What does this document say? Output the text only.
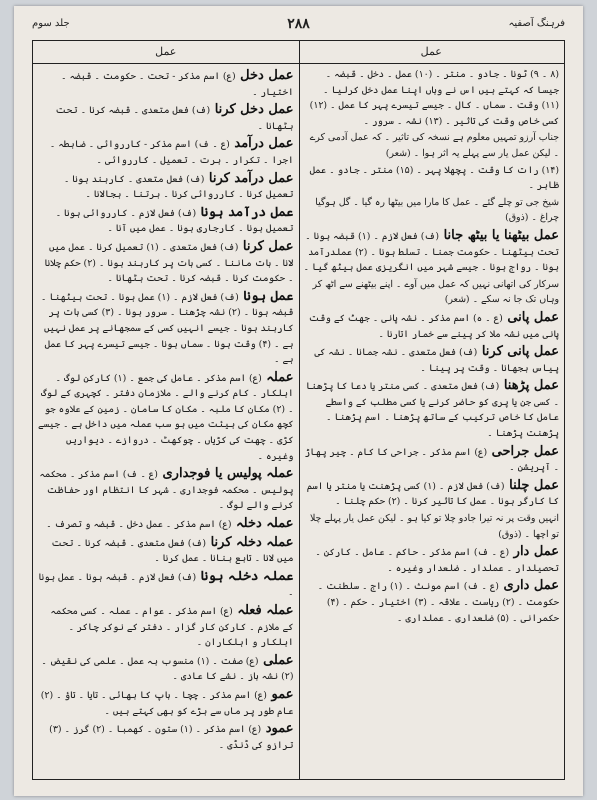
جلد سوم	۲۸۸	فرہنگ آصفیہ
عمل	عمل
(۸ ۔ ۹) ٹونا ۔ جادو ۔ منتر ۔ (۱۰) عمل ۔ دخل ۔ قبضہ ۔ جیسا کہ کہتے ہیں اس نے وہاں اپنا عمل دخل کرلیا ۔ (۱۱) وقت ۔ سماں ۔ کال ۔ جیسے تیسرے پہر کا عمل ۔ (۱۲) کسی خاص وقت کی تاثیر ۔ (۱۳) نشہ ۔ سرور ۔
جناب آرزو تمہیں معلوم ہے نسخہ کی تاثیر ۔ کہ عمل آدمی کرے ۔ لیکن عمل یار سے پہلے یہ اثر ہوا ۔ (شعر)
(۱۴) رات کا وقت ۔ پچھلا پہر ۔ (۱۵) منتر ۔ جادو ۔ عمل ظاہر ۔
شیخ جی تو چلے گئے ۔ عمل کا مارا میں بیٹھا رہ گیا ۔ گل ہوگیا چراغ ۔ (ذوق)
عمل بیٹھنا یا بیٹھ جانا(ف) فعل لازم ۔ (۱) قبضہ ہونا ۔ تحت بیٹھنا ۔ حکومت جمنا ۔ تسلط ہونا ۔ (۲) عملدرآمد ہونا ۔ رواج ہونا ۔ جیسے شہر میں انگریزی عمل بیٹھ گیا ۔
سرکار کی اتھانی نہیں کہ عمل میں آوے ۔ اپنے بیٹھنے سے اٹھ کر وہاں تک جا نہ سکے ۔ (شعر)
عمل پانی(ع ۔ ہ) اسم مذکر ۔ نشہ پانی ۔ جھٹ کے وقت پانی میں نشہ ملا کر پینے سے خمار اتارنا ۔
عمل پانی کرنا(ف) فعل متعدی ۔ نشہ جمانا ۔ نشہ کی پیاس بجھانا ۔ وقت پر پینا ۔
عمل پڑھنا(ف) فعل متعدی ۔ کسی منتر یا دعا کا پڑھنا ۔ کسی جن یا پری کو حاضر کرنے یا کسی مطلب کے واسطے عامل کا خاص ترکیب کے ساتھ پڑھنا ۔ اسم پڑھنا ۔ پڑھنت پڑھنا ۔
عمل جراحی(ع) اسم مذکر ۔ جراحی کا کام ۔ چیر پھاڑ ۔ آپریشن ۔
عمل چلنا(ف) فعل لازم ۔ (۱) کسی پڑھنت یا منتر یا اسم کا کارگر ہونا ۔ عمل کا تاثیر کرنا ۔ (۲) حکم چلنا ۔
انہیں وقت پر نہ تیرا جادو چلا تو کیا ہو ۔ لیکن عمل یار پہلے چلا تو اچھا ۔ (ذوق)
عمل دار(ع ۔ ف) اسم مذکر ۔ حاکم ۔ عامل ۔ کارکن ۔ تحصیلدار ۔ عملدار ۔ ضلعدار وغیرہ ۔
عمل داری(ع ۔ ف) اسم مونث ۔ (۱) راج ۔ سلطنت ۔ حکومت ۔ (۲) ریاست ۔ علاقہ ۔ (۳) اختیار ۔ حکم ۔ (۴) حکمرانی ۔ (۵) ضلعداری ۔ عملداری ۔
عمل دخل(ع) اسم مذکر - تحت ۔ حکومت ۔ قبضہ ۔ اختیار ۔
عمل دخل کرنا(ف) فعل متعدی ۔ قبضہ کرنا ۔ تحت بٹھانا ۔
عمل درآمد(ع ۔ ف) اسم مذکر - کارروائی ۔ ضابطہ ۔ اجرا ۔ تکرار ۔ برت ۔ تعمیل ۔ کارروائی ۔
عمل درآمد کرنا(ف) فعل متعدی ۔ کاربند ہونا ۔ تعمیل کرنا ۔ کارروائی کرنا ۔ برتنا ۔ بجالانا ۔
عمل درآمد ہونا(ف) فعل لازم ۔ کارروائی ہونا ۔ تعمیل ہونا ۔ کارجاری ہونا ۔ عمل میں آنا ۔
عمل کرنا(ف) فعل متعدی ۔ (۱) تعمیل کرنا ۔ عمل میں لانا ۔ بات ماننا ۔ کسی بات پر کاربند ہونا ۔ (۲) حکم چلانا ۔ حکومت کرنا ۔ قبضہ کرنا ۔ تحت بٹھانا ۔
عمل ہونا(ف) فعل لازم ۔ (۱) عمل ہونا ۔ تحت بیٹھنا ۔ قبضہ ہونا ۔ (۲) نشہ چڑھنا ۔ سرور ہونا ۔ (۳) کسی بات پر کاربند ہونا ۔ جیسے انہیں کسی کے سمجھانے پر عمل نہیں ہے ۔ (۴) وقت ہونا ۔ سماں ہونا ۔ جیسے تیسرے پہر کا عمل ہے ۔
عملہ(ع) اسم مذکر ۔ عامل کی جمع ۔ (۱) کارکن لوگ ۔ اہلکار ۔ کام کرنے والے ۔ ملازمان دفتر ۔ کچہری کے لوگ ۔ (۲) مکان کا ملبہ ۔ مکان کا سامان ۔ زمین کے علاوہ جو کچھ مکان کی ہیئت میں ہو سب عملہ میں داخل ہے ۔ جیسے کڑی ۔ چھت کی کڑیاں ۔ چوکھٹ ۔ دروازے ۔ دیواریں وغیرہ ۔
عملہ پولیس یا فوجداری(ع ۔ ف) اسم مذکر ۔ محکمہ پولیس ۔ محکمہ فوجداری ۔ شہر کا انتظام اور حفاظت کرنے والے لوگ ۔
عملہ دخلہ(ع) اسم مذکر ۔ عمل دخل ۔ قبضہ و تصرف ۔
عملہ دخلہ کرنا(ف) فعل متعدی ۔ قبضہ کرنا ۔ تحت میں لانا ۔ تابع بنانا ۔ عمل کرنا ۔
عملہ دخلہ ہونا(ف) فعل لازم ۔ قبضہ ہونا ۔ عمل ہونا ۔
عملہ فعلہ(ع) اسم مذکر ۔ عوام ۔ عملہ ۔ کسی محکمہ کے ملازم ۔ کارکن کار گزار ۔ دفتر کے نوکر چاکر ۔ اہلکار و اہلکاران ۔
عملی(ع) صفت ۔ (۱) منسوب بہ عمل ۔ علمی کی نقیض ۔ (۲) نشہ باز ۔ نشے کا عادی ۔
عمو(ع) اسم مذکر ۔ چچا ۔ باپ کا بھائی ۔ تایا ۔ تاؤ ۔ (۲) عام طور پر ماں سے بڑے کو بھی کہتے ہیں ۔
عمود(ع) اسم مذکر ۔ (۱) ستون ۔ کھمبا ۔ (۲) گرز ۔ (۳) ترازو کی ڈنڈی ۔
